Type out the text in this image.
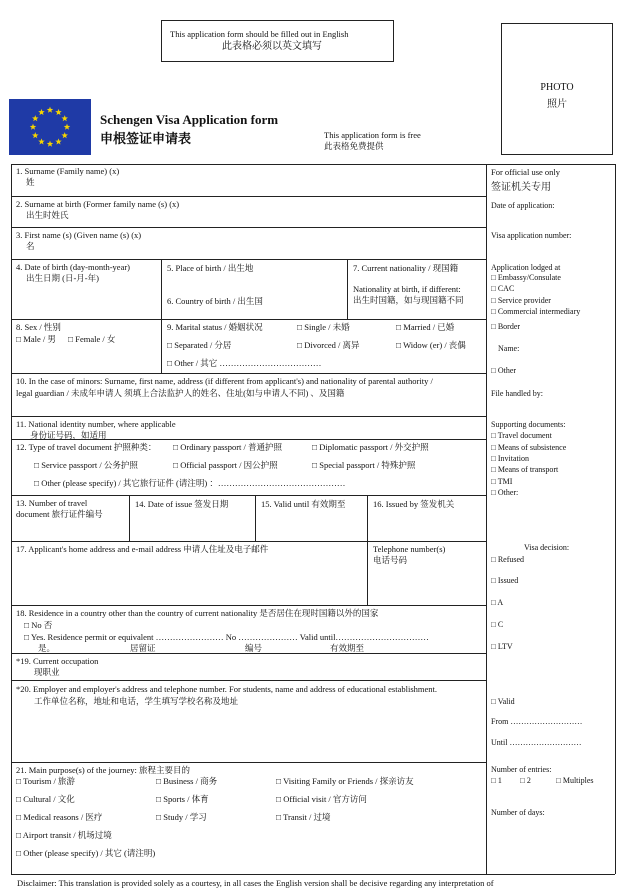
This application form should be filled out in English
此表格必须以英文填写
PHOTO
照片
Schengen Visa Application form
申根签证申请表	This application form is free
此表格免费提供
1. Surname (Family name) (x)
姓
2. Surname at birth (Former family name (s) (x)
出生时姓氏
3. First name (s) (Given name (s) (x)
名
4. Date of birth (day-month-year)
出生日期 (日-月-年)
5. Place of birth / 出生地
6. Country of birth / 出生国
7. Current nationality / 现国籍
Nationality at birth, if different:
出生时国籍，如与现国籍不同
8. Sex / 性别
□ Male / 男 □ Female / 女
9. Marital status / 婚姻状况	□ Single / 未婚	□ Married / 已婚
□ Separated / 分居	□ Divorced / 离异	□ Widow (er) / 丧偶
□ Other / 其它 ………………………………
10. In the case of minors: Surname, first name, address (if different from applicant's) and nationality of parental authority /
legal guardian / 未成年申请人 须填上合法监护人的姓名、住址(如与申请人不同) 、及国籍
11. National identity number, where applicable
身份证号码，如适用
12. Type of travel document 护照种类： □ Ordinary passport / 普通护照	□ Diplomatic passport / 外交护照
□ Service passport / 公务护照	□ Official passport / 因公护照	□ Special passport / 特殊护照
□ Other (please specify) / 其它旅行证件 (请注明) ：………………………………………
13. Number of travel
document 旅行证件编号
14. Date of issue 签发日期	15. Valid until 有效期至	16. Issued by 签发机关
17. Applicant's home address and e-mail address 申请人住址及电子邮件	Telephone number(s)
电话号码
18. Residence in a country other than the country of current nationality 是否居住在现时国籍以外的国家
□ No 否
□ Yes. Residence permit or equivalent …………………… No ………………… Valid until……………………………
是。	居留证	编号	有效期至
*19. Current occupation
现职业
*20. Employer and employer's address and telephone number. For students, name and address of educational establishment.
工作单位名称，地址和电话，学生填写学校名称及地址
21. Main purpose(s) of the journey: 旅程主要目的
□ Tourism / 旅游	□ Business / 商务	□ Visiting Family or Friends / 探亲访友
□ Cultural / 文化	□ Sports / 体育	□ Official visit / 官方访问
□ Medical reasons / 医疗	□ Study / 学习	□ Transit / 过境
□ Airport transit / 机场过境
□ Other (please specify) / 其它 (请注明)
For official use only
签证机关专用
Date of application:
Visa application number:
Application lodged at
□ Embassy/Consulate
□ CAC
□ Service provider
□ Commercial intermediary
□ Border
Name:
□ Other
File handled by:
Supporting documents:
□ Travel document
□ Means of subsistence
□ Invitation
□ Means of transport
□ TMI
□ Other:
Visa decision:
□ Refused
□ Issued
□ A
□ C
□ LTV
□ Valid
From ………………………
Until ………………………
Number of entries:
□ 1 □ 2	□ Multiples
Number of days:
Disclaimer: This translation is provided solely as a courtesy, in all cases the English version shall be decisive regarding any interpretation of
